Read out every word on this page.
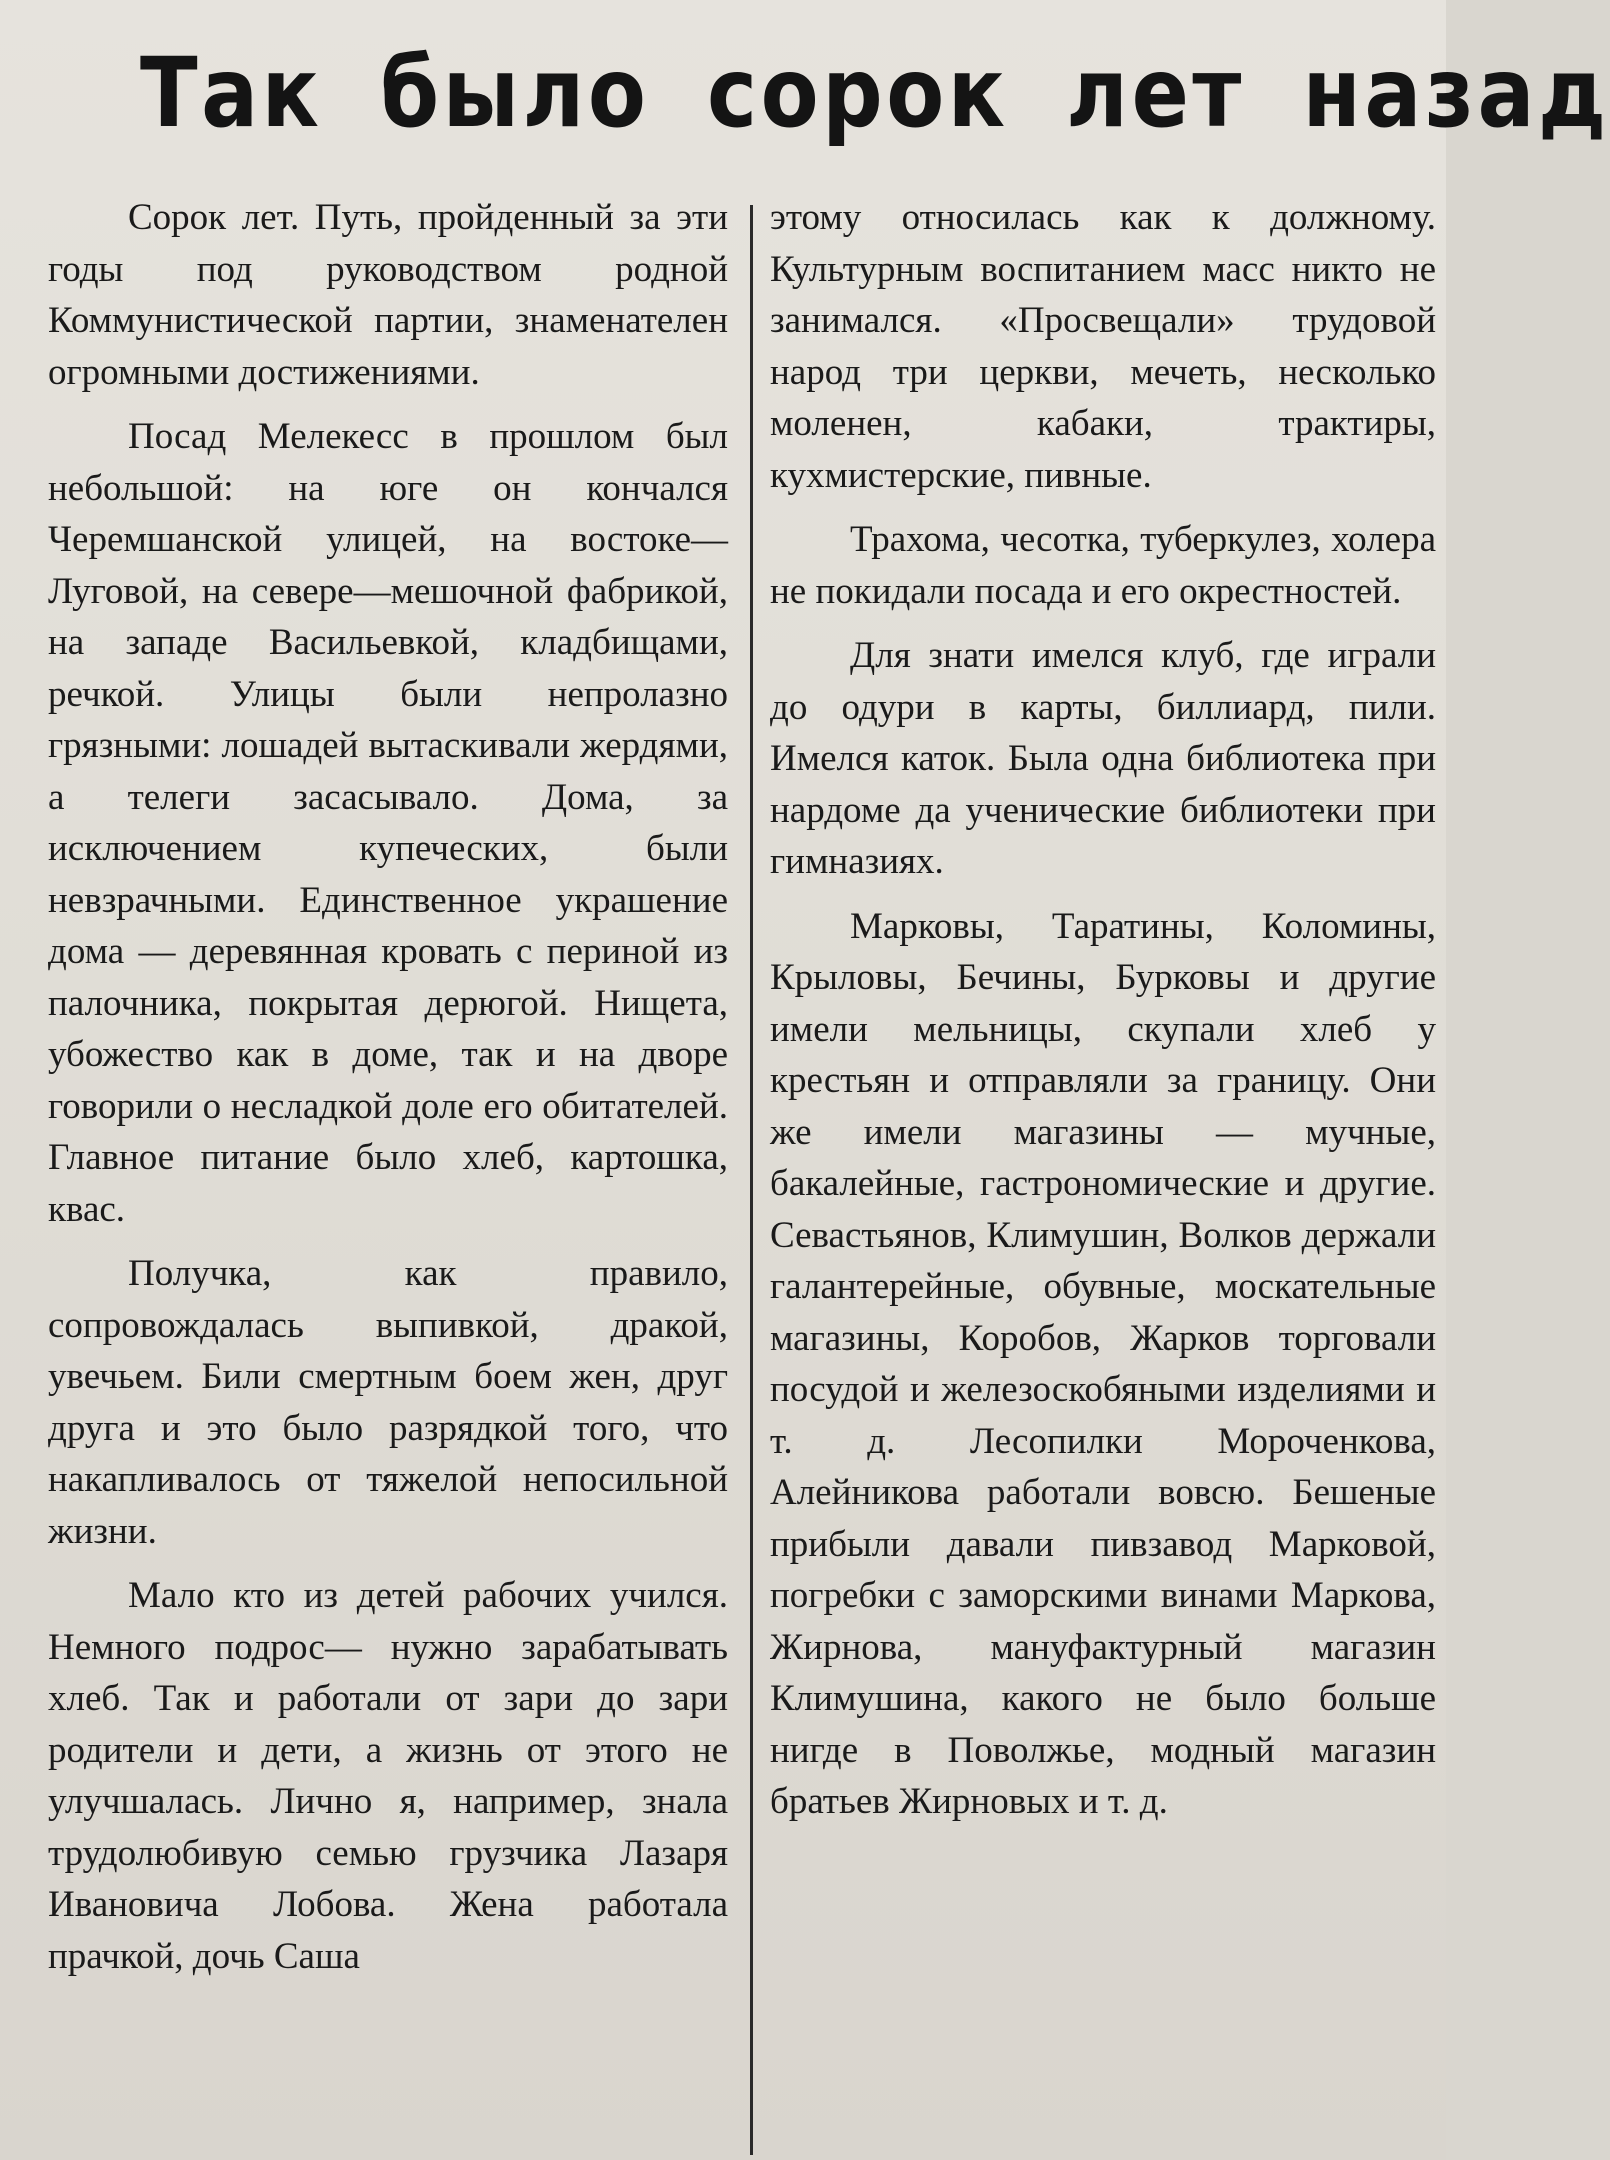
Так было сорок лет назад

Сорок лет. Путь, пройденный за эти годы под руководством родной Коммунистической партии, знаменателен огромными достижениями.

Посад Мелекесс в прошлом был небольшой: на юге он кончался Черемшанской улицей, на востоке—Луговой, на севере—мешочной фабрикой, на западе Васильевкой, кладбищами, речкой. Улицы были непролазно грязными: лошадей вытаскивали жердями, а телеги засасывало. Дома, за исключением купеческих, были невзрачными. Единственное украшение дома — деревянная кровать с периной из палочника, покрытая дерюгой. Нищета, убожество как в доме, так и на дворе говорили о несладкой доле его обитателей. Главное питание было хлеб, картошка, квас.

Получка, как правило, сопровождалась выпивкой, дракой, увечьем. Били смертным боем жен, друг друга и это было разрядкой того, что накапливалось от тяжелой непосильной жизни.

Мало кто из детей рабочих учился. Немного подрос— нужно зарабатывать хлеб. Так и работали от зари до зари родители и дети, а жизнь от этого не улучшалась. Лично я, например, знала трудолюбивую семью грузчика Лазаря Ивановича Лобова. Жена работала прачкой, дочь Саша

этому относилась как к должному. Культурным воспитанием масс никто не занимался. «Просвещали» трудовой народ три церкви, мечеть, несколько моленен, кабаки, трактиры, кухмистерские, пивные.

Трахома, чесотка, туберкулез, холера не покидали посада и его окрестностей.

Для знати имелся клуб, где играли до одури в карты, биллиард, пили. Имелся каток. Была одна библиотека при нардоме да ученические библиотеки при гимназиях.

Марковы, Таратины, Коломины, Крыловы, Бечины, Бурковы и другие имели мельницы, скупали хлеб у крестьян и отправляли за границу. Они же имели магазины — мучные, бакалейные, гастрономические и другие. Севастьянов, Климушин, Волков держали галантерейные, обувные, москательные магазины, Коробов, Жарков торговали посудой и железоскобяными изделиями и т. д. Лесопилки Мороченкова, Алейникова работали вовсю. Бешеные прибыли давали пивзавод Марковой, погребки с заморскими винами Маркова, Жирнова, мануфактурный магазин Климушина, какого не было больше нигде в Поволжье, модный магазин братьев Жирновых и т. д.
